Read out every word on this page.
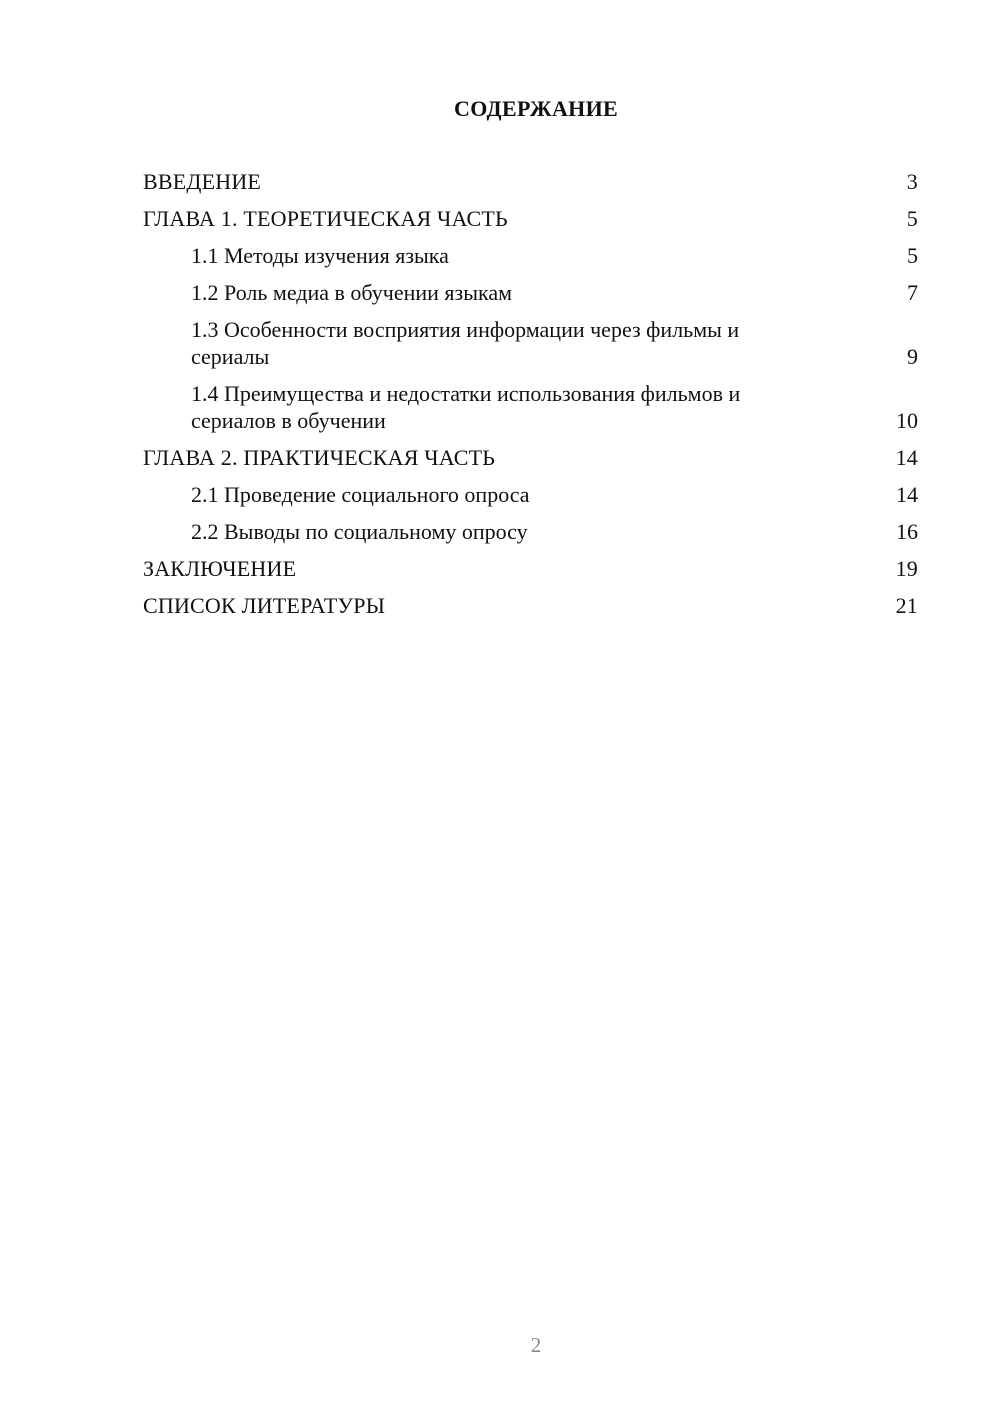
СОДЕРЖАНИЕ
ВВЕДЕНИЕ	3
ГЛАВА 1. ТЕОРЕТИЧЕСКАЯ ЧАСТЬ	5
1.1 Методы изучения языка	5
1.2 Роль медиа в обучении языкам	7
1.3 Особенности восприятия информации через фильмы и сериалы	9
1.4 Преимущества и недостатки использования фильмов и сериалов в обучении	10
ГЛАВА 2. ПРАКТИЧЕСКАЯ ЧАСТЬ	14
2.1 Проведение социального опроса	14
2.2 Выводы по социальному опросу	16
ЗАКЛЮЧЕНИЕ	19
СПИСОК ЛИТЕРАТУРЫ	21
2
